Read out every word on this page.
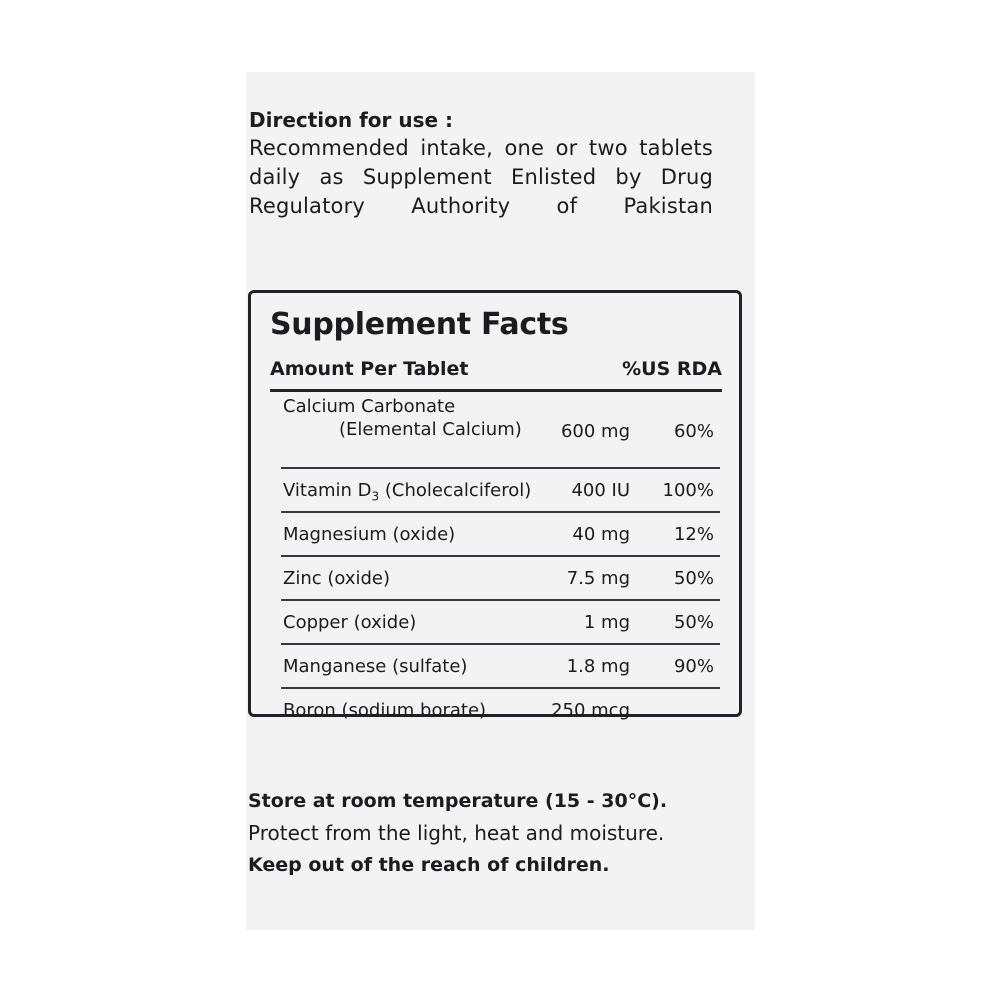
Direction for use :

Recommended intake, one or two tablets daily as Supplement Enlisted by Drug Regulatory Authority of Pakistan

Supplement Facts
Amount Per Tablet	%US RDA
Calcium Carbonate
(Elemental Calcium) 600 mg 60%
Vitamin $D_3$ (Cholecalciferol) 400 IU 100%
Magnesium (oxide)	40 mg 12%
Zinc (oxide)	7.5 mg 50%
Copper (oxide)	1 mg 50%
Manganese (sulfate)	1.8 mg 90%
Boron (sodium borate)	250 mcg

Store at room temperature (15 - 30°C).

Protect from the light, heat and moisture.

Keep out of the reach of children.
